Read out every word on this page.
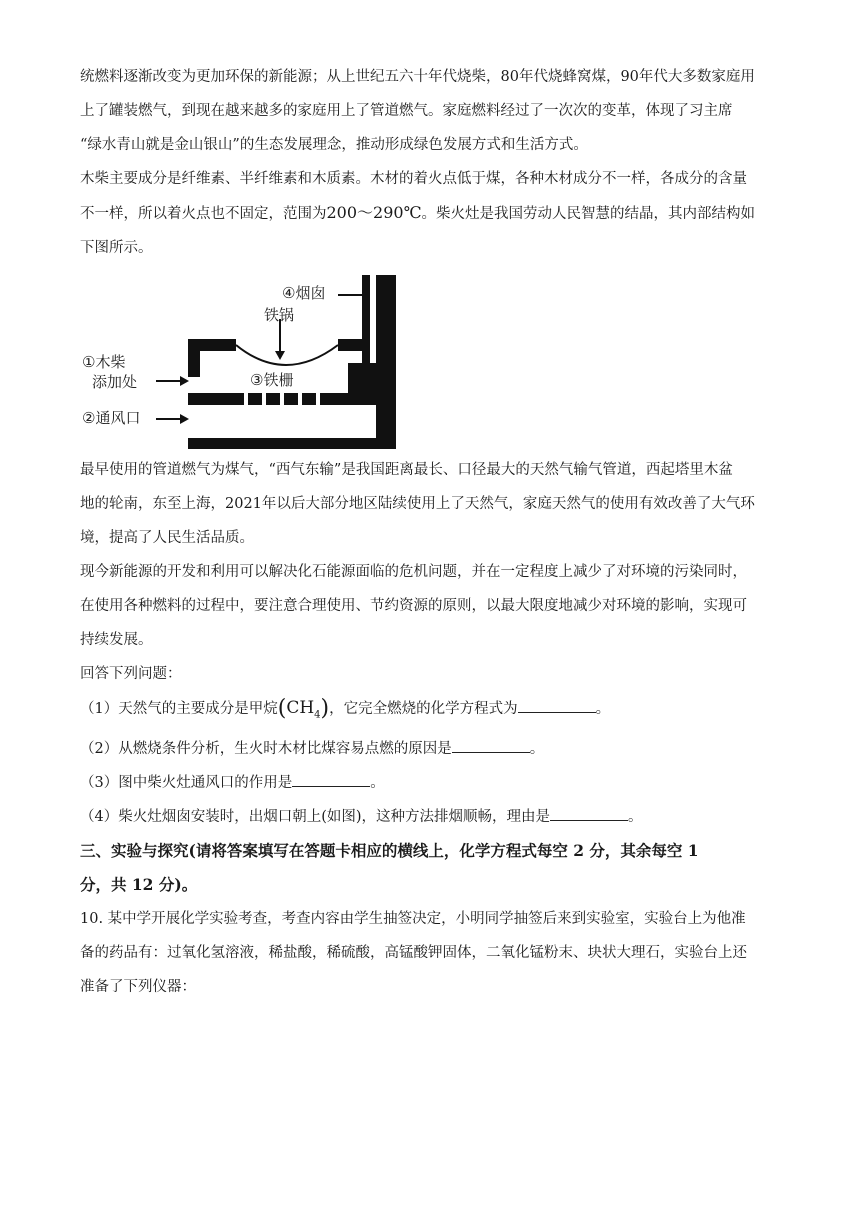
统燃料逐渐改变为更加环保的新能源；从上世纪五六十年代烧柴，80年代烧蜂窝煤，90年代大多数家庭用

上了罐装燃气，到现在越来越多的家庭用上了管道燃气。家庭燃料经过了一次次的变革，体现了习主席

“绿水青山就是金山银山”的生态发展理念，推动形成绿色发展方式和生活方式。

木柴主要成分是纤维素、半纤维素和木质素。木材的着火点低于煤，各种木材成分不一样，各成分的含量

不一样，所以着火点也不固定，范围为200～290℃。柴火灶是我国劳动人民智慧的结晶，其内部结构如

下图所示。

④烟囱
铁锅
①木柴
添加处	③铁栅
②通风口

最早使用的管道燃气为煤气，“西气东输”是我国距离最长、口径最大的天然气输气管道，西起塔里木盆

地的轮南，东至上海，2021年以后大部分地区陆续使用上了天然气，家庭天然气的使用有效改善了大气环

境，提高了人民生活品质。

现今新能源的开发和利用可以解决化石能源面临的危机问题，并在一定程度上减少了对环境的污染同时，

在使用各种燃料的过程中，要注意合理使用、节约资源的原则，以最大限度地减少对环境的影响，实现可

持续发展。

回答下列问题：

（1）天然气的主要成分是甲烷$(CH_4)$，它完全燃烧的化学方程式为	。

（2）从燃烧条件分析，生火时木材比煤容易点燃的原因是	。

（3）图中柴火灶通风口的作用是	。

（4）柴火灶烟囱安装时，出烟口朝上(如图)，这种方法排烟顺畅，理由是	。

三、实验与探究(请将答案填写在答题卡相应的横线上，化学方程式每空 2 分，其余每空 1

分，共 12 分)。

10. 某中学开展化学实验考查，考查内容由学生抽签决定，小明同学抽签后来到实验室，实验台上为他准

备的药品有：过氧化氢溶液，稀盐酸，稀硫酸，高锰酸钾固体，二氧化锰粉末、块状大理石，实验台上还

准备了下列仪器：
